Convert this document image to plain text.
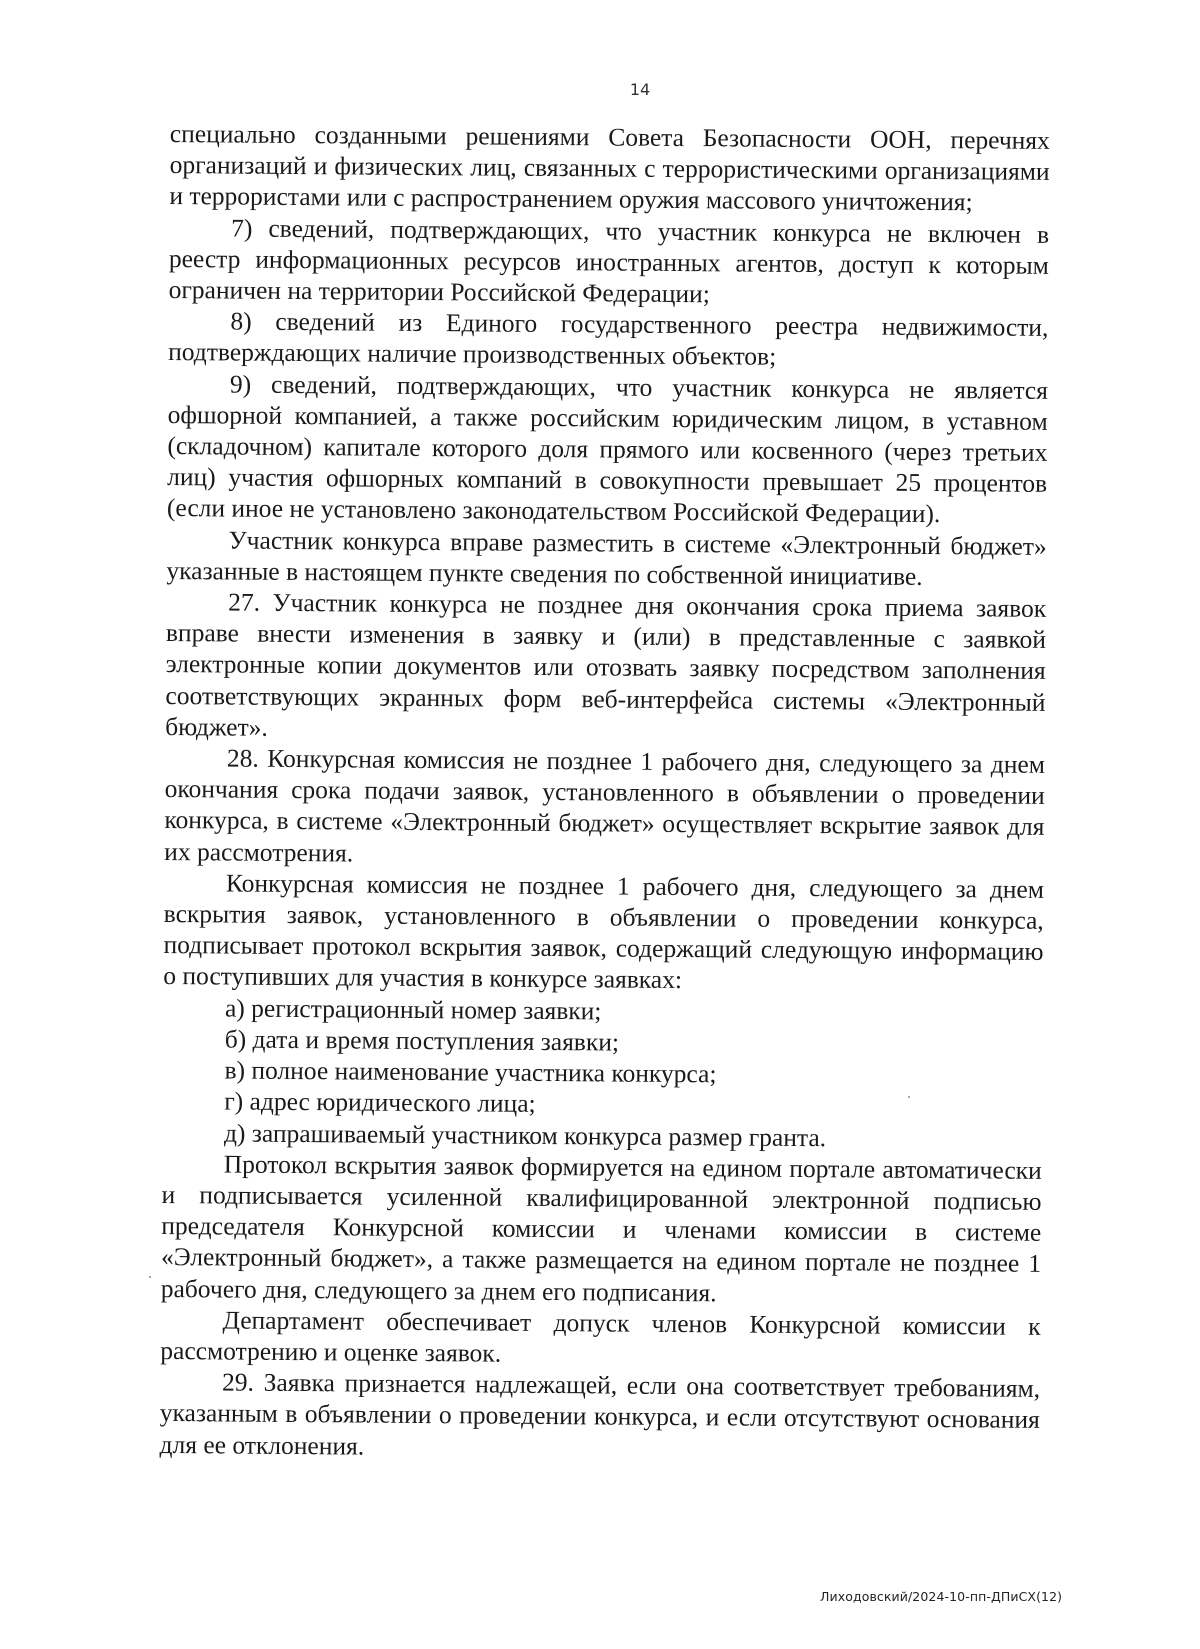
14

специально созданными решениями Совета Безопасности ООН, перечнях организаций и физических лиц, связанных с террористическими организациями и террористами или с распространением оружия массового уничтожения;

7) сведений, подтверждающих, что участник конкурса не включен в реестр информационных ресурсов иностранных агентов, доступ к которым ограничен на территории Российской Федерации;

8) сведений из Единого государственного реестра недвижимости, подтверждающих наличие производственных объектов;

9) сведений, подтверждающих, что участник конкурса не является офшорной компанией, а также российским юридическим лицом, в уставном (складочном) капитале которого доля прямого или косвенного (через третьих лиц) участия офшорных компаний в совокупности превышает 25 процентов (если иное не установлено законодательством Российской Федерации).

Участник конкурса вправе разместить в системе «Электронный бюджет» указанные в настоящем пункте сведения по собственной инициативе.

27. Участник конкурса не позднее дня окончания срока приема заявок вправе внести изменения в заявку и (или) в представленные с заявкой электронные копии документов или отозвать заявку посредством заполнения соответствующих экранных форм веб-интерфейса системы «Электронный бюджет».

28. Конкурсная комиссия не позднее 1 рабочего дня, следующего за днем окончания срока подачи заявок, установленного в объявлении о проведении конкурса, в системе «Электронный бюджет» осуществляет вскрытие заявок для их рассмотрения.

Конкурсная комиссия не позднее 1 рабочего дня, следующего за днем вскрытия заявок, установленного в объявлении о проведении конкурса, подписывает протокол вскрытия заявок, содержащий следующую информацию о поступивших для участия в конкурсе заявках:

а) регистрационный номер заявки;

б) дата и время поступления заявки;

в) полное наименование участника конкурса;

г) адрес юридического лица;

д) запрашиваемый участником конкурса размер гранта.

Протокол вскрытия заявок формируется на едином портале автоматически и подписывается усиленной квалифицированной электронной подписью председателя Конкурсной комиссии и членами комиссии в системе «Электронный бюджет», а также размещается на едином портале не позднее 1 рабочего дня, следующего за днем его подписания.

Департамент обеспечивает допуск членов Конкурсной комиссии к рассмотрению и оценке заявок.

29. Заявка признается надлежащей, если она соответствует требованиям, указанным в объявлении о проведении конкурса, и если отсутствуют основания для ее отклонения.

Лиходовский/2024-10-пп-ДПиСХ(12)
